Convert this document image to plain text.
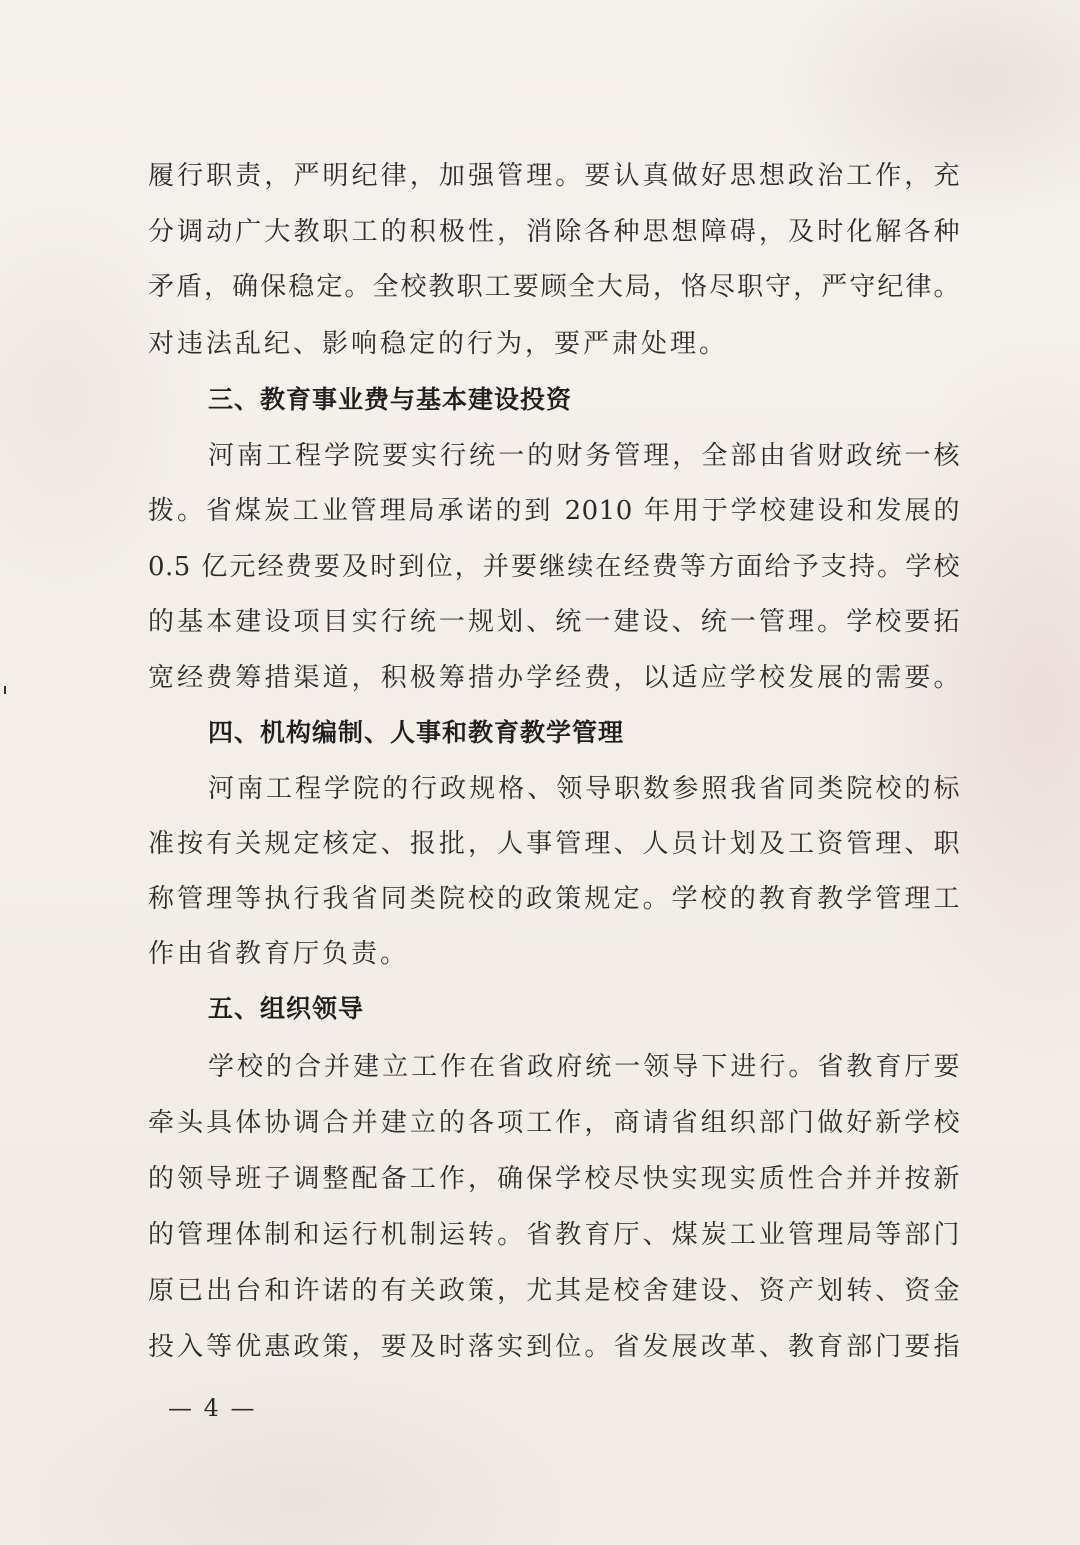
履行职责，严明纪律，加强管理。要认真做好思想政治工作，充
分调动广大教职工的积极性，消除各种思想障碍，及时化解各种
矛盾，确保稳定。全校教职工要顾全大局，恪尽职守，严守纪律。
对违法乱纪、影响稳定的行为，要严肃处理。
三、教育事业费与基本建设投资
河南工程学院要实行统一的财务管理，全部由省财政统一核
拨。省煤炭工业管理局承诺的到 2010 年用于学校建设和发展的
0.5 亿元经费要及时到位，并要继续在经费等方面给予支持。学校
的基本建设项目实行统一规划、统一建设、统一管理。学校要拓
宽经费筹措渠道，积极筹措办学经费，以适应学校发展的需要。
四、机构编制、人事和教育教学管理
河南工程学院的行政规格、领导职数参照我省同类院校的标
准按有关规定核定、报批，人事管理、人员计划及工资管理、职
称管理等执行我省同类院校的政策规定。学校的教育教学管理工
作由省教育厅负责。
五、组织领导
学校的合并建立工作在省政府统一领导下进行。省教育厅要
牵头具体协调合并建立的各项工作，商请省组织部门做好新学校
的领导班子调整配备工作，确保学校尽快实现实质性合并并按新
的管理体制和运行机制运转。省教育厅、煤炭工业管理局等部门
原已出台和许诺的有关政策，尤其是校舍建设、资产划转、资金
投入等优惠政策，要及时落实到位。省发展改革、教育部门要指
— 4 —
